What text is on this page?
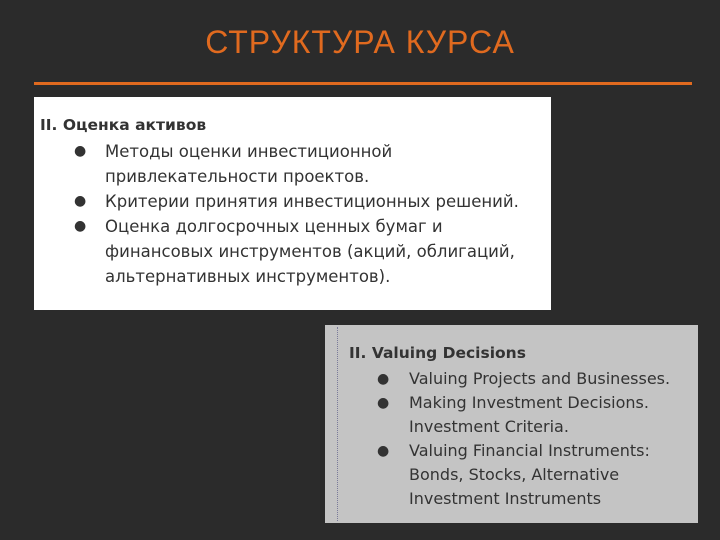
СТРУКТУРА КУРСА
II. Оценка активов
● Методы оценки инвестиционной привлекательности проектов.
● Критерии принятия инвестиционных решений.
● Оценка долгосрочных ценных бумаг и финансовых инструментов (акций, облигаций, альтернативных инструментов).
II. Valuing Decisions
● Valuing Projects and Businesses.
● Making Investment Decisions. Investment Criteria.
● Valuing Financial Instruments: Bonds, Stocks, Alternative Investment Instruments
